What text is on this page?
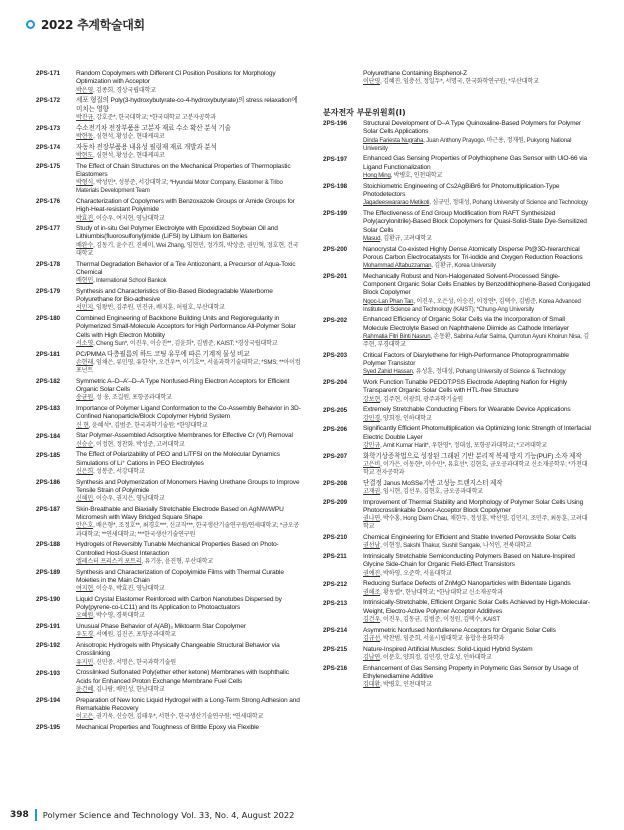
2022 추계학술대회
2PS-171	Random Copolymers with Different Cl Position Positions for Morphology Optimization with Acceptor
박은영, 김종희, 경상국립대학교
2PS-172	세포 형질의 Poly(3-hydroxybutyrate-co-4-hydroxybutyrate)의 stress relaxation에 미치는 영향
박진규, 강호준*, 한국대학교; *한국대학교 고분자공학과
2PS-173	수소전기차 전장부품용 고분자 재료 수소 확산 분석 기술
박현동, 심현석, 황성순, 현대케피코
2PS-174	자동차 전장부품용 내유성 필링재 재료 개발과 분석
박현도, 심현석, 황성순, 현대케피코
2PS-175	The Effect of Chain Structures on the Mechanical Properties of Thermoplastic Elastomers
박형식, 박성민*, 성봉준, 서강대학교; *Hyundai Motor Company, Elastomer & Tribo Materials Development Team
2PS-176	Characterization of Copolymers with Benzoxazole Groups or Amide Groups for High-Heat-resistant Polyimide
박효진, 이승우, 여지현, 영남대학교
2PS-177	Study of in-situ Gel Polymer Electrolyte with Epoxidized Soybean Oil and Lithiumbis(fluorosulfonyl)imide (LiFSI) by Lithium Ion Batteries
배완수, 김동기, 윤수진, 진해미, Wei Zhang, 임현민, 정가희, 박상준, 권민혁, 정호현, 건국대학교
2PS-178	Thermal Degradation Behavior of a Tire Antiozonant, a Precursor of Aqua-Toxic Chemical
배현민, International School Bankok
2PS-179	Synthesis and Characteristics of Bio-Based Biodegradable Waterborne Polyurethane for Bio-adhesive
서민지, 임왕빈, 김주원, 민진규, 배지훈, 허필호, 부산대학교
2PS-180	Combined Engineering of Backbone Building Units and Regioregularity in Polymerized Small-Molecule Acceptors for High Performance All-Polymer Solar Cells with High Electron Mobility
서소영, Cheng Sun*, 이진우, 이승진**, 김윤희*, 김범준, KAIST; *경상국립대학교
2PS-181	PC/PMMA 다층필름의 하드 코팅 유무에 따른 기계적 물성 비교
손현래, 임채은, 류민영, 유한석*, 오건우**, 이기호**, 서울과학기술대학교; *SMS; **아이컴포넌트
2PS-182	Symmetric A–D–A′–D–A Type Nonfused-Ring Electron Acceptors for Efficient Organic Solar Cells
송균원, 성 웅, 조길원, 포항공과대학교
2PS-183	Importance of Polymer Ligand Conformation to the Co-Assembly Behavior in 3D-Confined Nanoparticle/Block Copolymer Hybrid System
신 현, 윤혜석*, 김범준, 한국과학기술원; *한양대학교
2PS-184	Star Polymer-Assembled Adsorptive Membranes for Effective Cr (VI) Removal
신승순, 이정현, 정찬화, 박성준, 고려대학교
2PS-185	The Effect of Polarizability of PEO and LiTFSI on the Molecular Dynamics Simulations of Li⁺ Cations in PEO Electrolytes
신은희, 성봉준, 서강대학교
2PS-186	Synthesis and Polymerization of Monomers Having Urethane Groups to Improve Tensile Strain of Polyimide
신해민, 이승우, 권지은, 영남대학교
2PS-187	Skin-Breathable and Biaxially Stretchable Electrode Based on AgNW/WPU Micromesh with Wavy Bridged Square Shape
안은호, 배은형*, 조정호**, 최경호***, 신교직***, 한국생산기술연구원/연세대학교; *금오공과대학교; **연세대학교; ***한국생산기술연구원
2PS-188	Hydrogels of Reversibly Tunable Mechanical Properties Based on Photo-Controlled Host-Guest Interaction
엘레스터 프리스커 포트리, 유기웅, 윤진형, 부산대학교
2PS-189	Synthesis and Characterization of Copolyimide Films with Thermal Curable Moieties in the Main Chain
여지현, 이승우, 박효진, 영남대학교
2PS-190	Liquid Crystal Elastomer Reinforced with Carbon Nanotubes Dispersed by Poly(pyrene-co-LC11) and Its Application to Photoactuators
오혜원, 박수영, 경북대학교
2PS-191	Unusual Phase Behavior of A(AB)₃ Miktoarm Star Copolymer
우도경, 서예원, 김진곤, 포항공과대학교
2PS-192	Anisotropic Hydrogels with Physically Changeable Structural Behavior via Crosslinking
유지민, 신민중, 서명은, 한국과학기술원
2PS-193	Crosslinked Sulfonated Poly(ether ether ketone) Membranes with Isophthalic Acids for Enhanced Proton Exchange Membrane Fuel Cells
윤건혜, 김나람, 배인성, 한남대학교
2PS-194	Preparation of New Ionic Liquid Hydrogel with a Long-Term Strong Adhesion and Remarkable Recovery
이고은, 권기욱, 신승현, 김태우*, 서현수, 한국생산기술연구원; *연세대학교
2PS-195	Mechanical Properties and Toughness of Brittle Epoxy via Flexible
Polyurethane Containing Bisphenol-Z
이단영, 김혜진, 임충선, 정일두*, 서명국, 한국화학연구원; *부산대학교
분자전자 부문위원회(I)
2PS-196	Structural Development of D–A Type Quinoxaline-Based Polymers for Polymer Solar Cells Applications
Dinda Fariesta Nugraha, Juan Anthony Prayogo, 마근용, 정재원, Pukyong National University
2PS-197	Enhanced Gas Sensing Properties of Polythiophene Gas Sensor with UiO-66 via Ligand Functionalization
Hong Ming, 박병호, 인천대학교
2PS-198	Stoichiometric Engineering of Cs2AgBiBr6 for Photomultiplication-Type Photodetectors
Jagadeeswararao Metikoti, 심규민, 정대성, Pohang University of Science and Technology
2PS-199	The Effectiveness of End Group Modification from RAFT Synthesized Poly(acrylonitrile)-Based Block Copolymers for Quasi-Solid-State Dye-Sensitized Solar Cells
Masud, 김환규, 고려대학교
2PS-200	Nanocrystal Co-existed Highly Dense Atomically Disperse Pt@3D-hierarchical Porous Carbon Electrocatalysts for Tri-iodide and Oxygen Reduction Reactions
Mohammad Aftabuzzaman, 김환규, Korea University
2PS-201	Mechanically Robust and Non-Halogenated Solvent-Processed Single-Component Organic Solar Cells Enables by Benzodithiophene-Based Conjugated Block Copolymer
Ngoc-Lan Phan Tan, 이진우, 오은성, 이승진, 이정연*, 김택수, 김범준, Korea Advanced Institute of Science and Technology (KAIST); *Chung-Ang University
2PS-202	Enhanced Efficiency of Organic Solar Cells via the Incorporation of Small Molecule Electrolyte Based on Naphthalene Diimide as Cathode Interlayer
Rahmatia Fitri Binti Nasrun, 손동환, Sabrina Aufar Salma, Qurrotun Ayuni Khoirun Nisa, 김주현, 부경대학교
2PS-203	Critical Factors of Diarylethene for High-Performance Photoprogrammable Polymer Transistor
Syed Zahid Hassan, 유성훈, 정대성, Pohang University of Science & Technology
2PS-204	Work Function Tunable PEDOT:PSS Electrode Adepting Nafion for Highly Transparent Organic Solar Cells with HTL-free Structure
강보현, 김주현, 이광희, 광주과학기술원
2PS-205	Extremely Stretchable Conducting Fibers for Wearable Device Applications
강민경, 양희정, 인하대학교
2PS-206	Significantly Efficient Photomultiplication via Optimizing Ionic Strength of Interfacial Electric Double Layer
강민규, Amit Kumar Harit*, 우한영*, 정대성, 포항공과대학교; *고려대학교
2PS-207	화학기상증착법으로 성장된 그래핀 기반 분리적 복제 방지 기능(PUF) 소자 제작
고은비, 이가은, 이동현*, 이수민*, 유효선*, 김현호, 금오공과대학교 신소재공학부; *가천대학교 전자공학과
2PS-208	단결정 Janus MoSSe기반 고성능 트랜지스터 제작
고재권, 임시현, 김선우, 김현호, 금오공과대학교
2PS-209	Improvement of Thermal Stability and Morphology of Polymer Solar Cells Using Photocrosslinkable Donor-Acceptor Block Copolymer
권나연, 박수홍, Hong Diem Chau, 채한두, 정성훈, 박선영, 김민지, 조민주, 최동훈, 고려대학교
2PS-210	Chemical Engineering for Efficient and Stable Inverted Perovskite Solar Cells
권선남, 이현정, Sakshi Thakur, Sushil Sangale, 나석인, 전북대학교
2PS-211	Intrinsically Stretchable Semiconducting Polymers Based on Nature-Inspired Glycine Side-Chain for Organic Field-Effect Transistors
권예진, 박하영, 오준학, 서울대학교
2PS-212	Reducing Surface Defects of ZnMgO Nanoparticles with Bidentate Ligands
권해조, 황동렬*, 한남대학교; *한남대학교 신소재공학과
2PS-213	Intrinsically-Stretchable, Efficient Organic Solar Cells Achieved by High-Molecular-Weight, Electro-Active Polymer Acceptor Additives
김건우, 이진우, 김동균, 김범준, 이정원, 김택수, KAIST
2PS-214	Asymmetric Nonfused Nonfullerene Acceptors for Organic Solar Cells
김규선, 박찬범, 임준희, 서울시립대학교 융합응용화학과
2PS-215	Nature-Inspired Artificial Muscles: Solid-Liquid Hybrid System
김남연, 이문호, 양희정, 김민경, 안효성, 인하대학교
2PS-216	Enhancement of Gas Sensing Property in Polymeric Gas Sensor by Usage of Ethylenediamine Additive
김대환, 박병호, 인천대학교
398 Polymer Science and Technology Vol. 33, No. 4, August 2022
